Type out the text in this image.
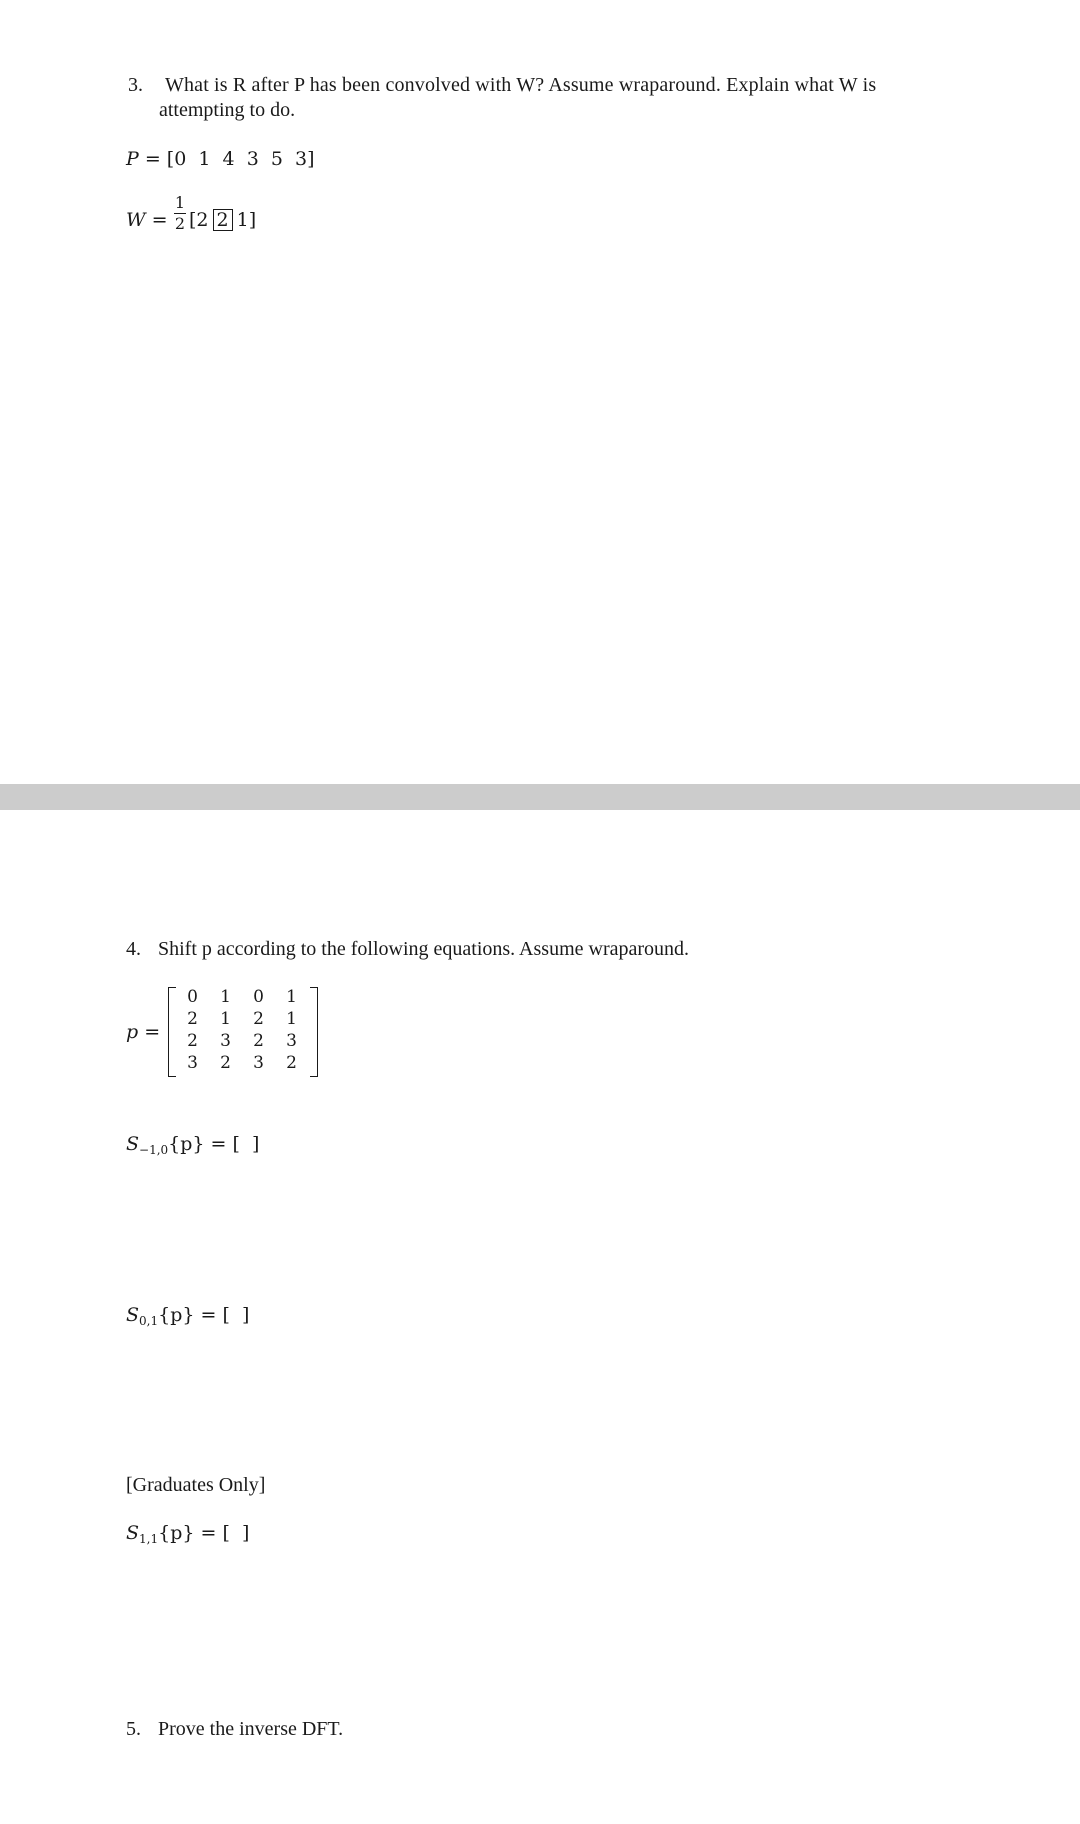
3. What is R after P has been convolved with W? Assume wraparound. Explain what W is
attempting to do.
P = [0  1  4  3  5  3]
W =
1
2 [2 2 1]
4. Shift p according to the following equations. Assume wraparound.
p =
0	1	0	1
2	1	2	1
2	3	2	3
3	2	3	2
$S_{-1,0}\{p\}$ = [  ]
$S_{0,1}\{p\}$ = [  ]
[Graduates Only]
$S_{1,1}\{p\}$ = [  ]
5. Prove the inverse DFT.
